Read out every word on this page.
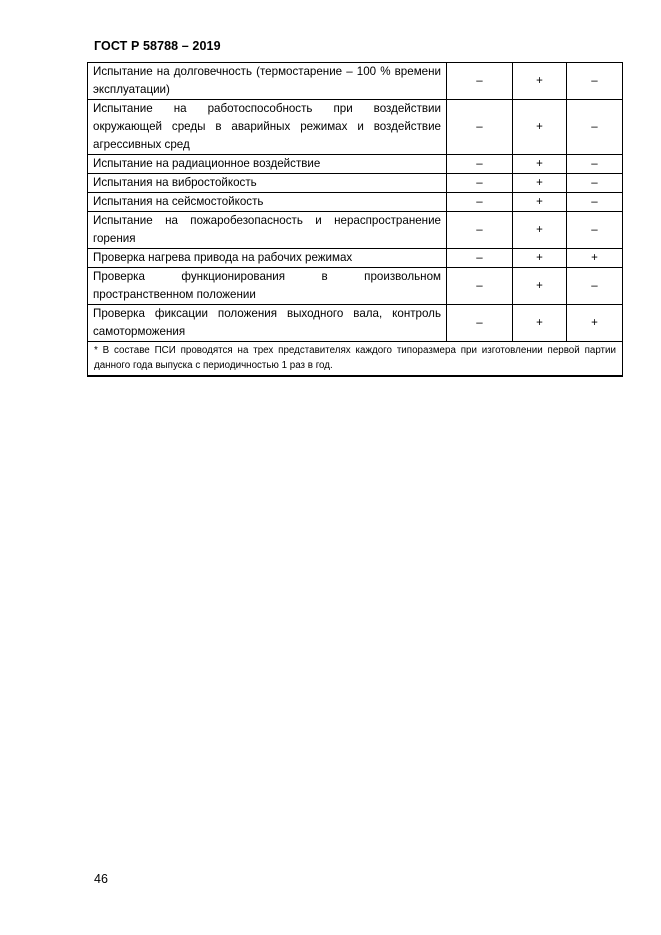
ГОСТ Р 58788 – 2019
Испытание на долговечность (термостарение – 100 % времени эксплуатации)	–	+	–
Испытание на работоспособность при воздействии окружающей среды в аварийных режимах и воздействие агрессивных сред	–	+	–
Испытание на радиационное воздействие	–	+	–
Испытания на вибростойкость	–	+	–
Испытания на сейсмостойкость	–	+	–
Испытание на пожаробезопасность и нераспространение горения	–	+	–
Проверка нагрева привода на рабочих режимах	–	+	+
Проверка функционирования в произвольном пространственном положении	–	+	–
Проверка фиксации положения выходного вала, контроль самоторможения	–	+	+
* В составе ПСИ проводятся на трех представителях каждого типоразмера при изготовлении первой партии данного года выпуска с периодичностью 1 раз в год.			
46
